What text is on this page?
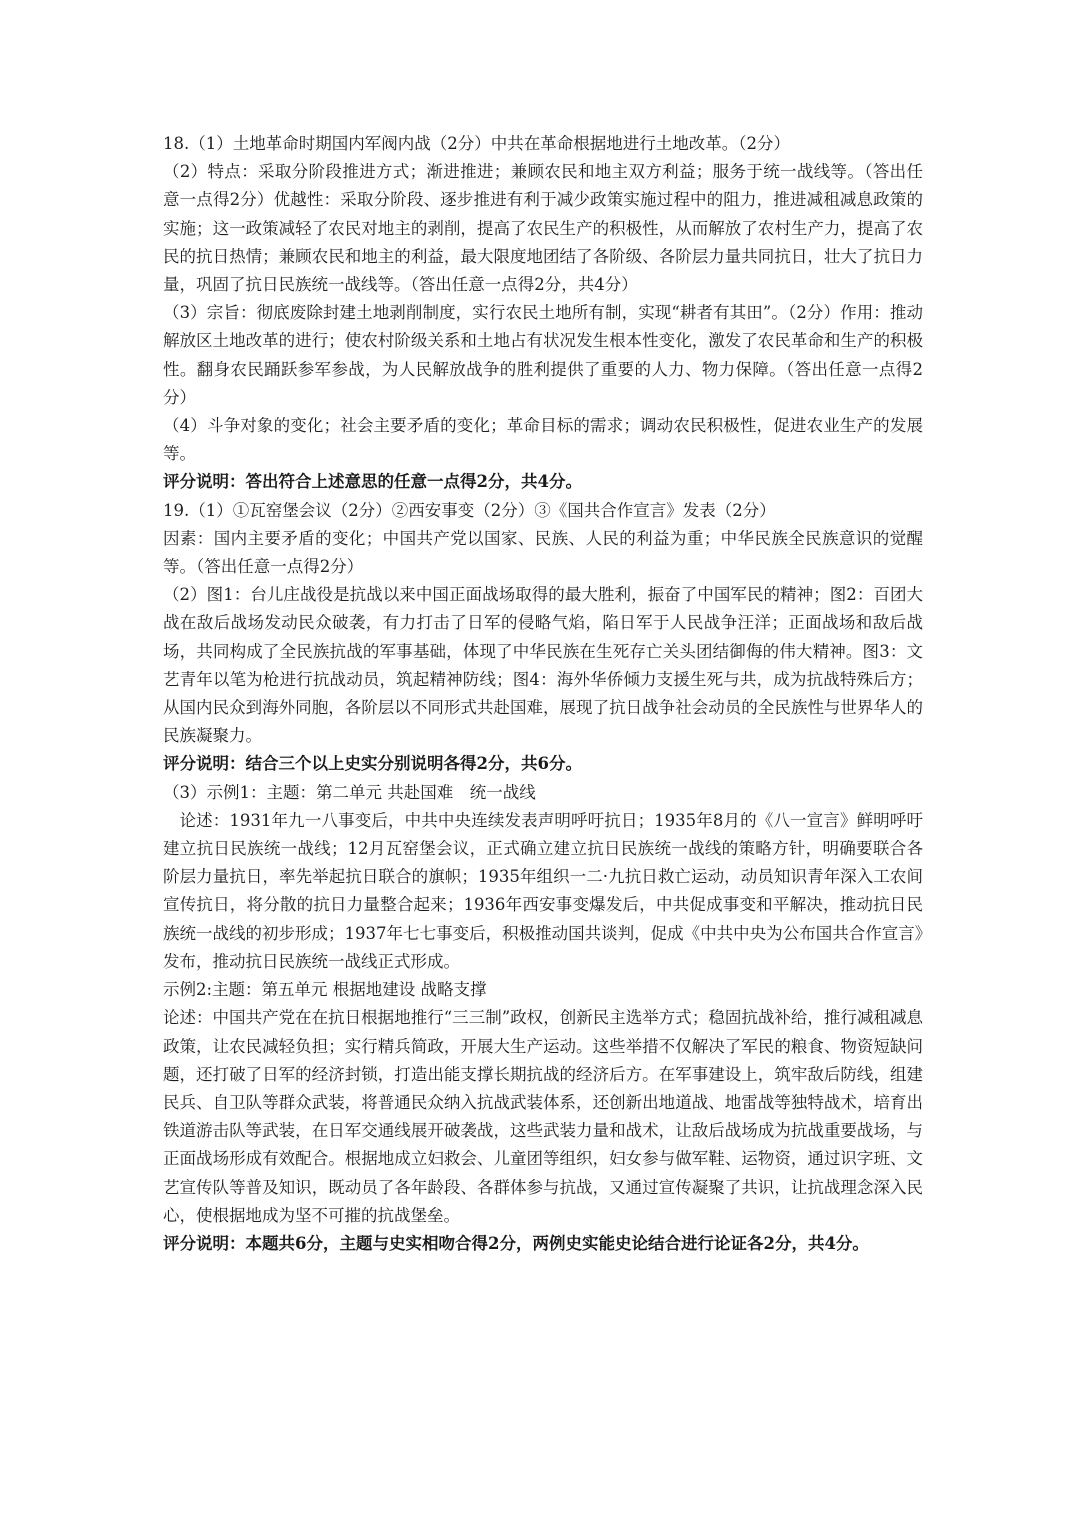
18.（1）土地革命时期国内军阀内战（2分）中共在革命根据地进行土地改革。（2分）

（2）特点：采取分阶段推进方式；渐进推进；兼顾农民和地主双方利益；服务于统一战线等。（答出任意一点得2分）优越性：采取分阶段、逐步推进有利于减少政策实施过程中的阻力，推进减租减息政策的实施；这一政策减轻了农民对地主的剥削，提高了农民生产的积极性，从而解放了农村生产力，提高了农民的抗日热情；兼顾农民和地主的利益，最大限度地团结了各阶级、各阶层力量共同抗日，壮大了抗日力量，巩固了抗日民族统一战线等。（答出任意一点得2分，共4分）

（3）宗旨：彻底废除封建土地剥削制度，实行农民土地所有制，实现“耕者有其田”。（2分）作用：推动解放区土地改革的进行；使农村阶级关系和土地占有状况发生根本性变化，激发了农民革命和生产的积极性。翻身农民踊跃参军参战，为人民解放战争的胜利提供了重要的人力、物力保障。（答出任意一点得2分）

（4）斗争对象的变化；社会主要矛盾的变化；革命目标的需求；调动农民积极性，促进农业生产的发展等。

评分说明：答出符合上述意思的任意一点得2分，共4分。

19.（1）①瓦窑堡会议（2分）②西安事变（2分）③《国共合作宣言》发表（2分）

因素：国内主要矛盾的变化；中国共产党以国家、民族、人民的利益为重；中华民族全民族意识的觉醒等。（答出任意一点得2分）

（2）图1：台儿庄战役是抗战以来中国正面战场取得的最大胜利，振奋了中国军民的精神；图2：百团大战在敌后战场发动民众破袭，有力打击了日军的侵略气焰，陷日军于人民战争汪洋；正面战场和敌后战场，共同构成了全民族抗战的军事基础，体现了中华民族在生死存亡关头团结御侮的伟大精神。图3：文艺青年以笔为枪进行抗战动员，筑起精神防线；图4：海外华侨倾力支援生死与共，成为抗战特殊后方；从国内民众到海外同胞，各阶层以不同形式共赴国难，展现了抗日战争社会动员的全民族性与世界华人的民族凝聚力。

评分说明：结合三个以上史实分别说明各得2分，共6分。

（3）示例1：主题：第二单元 共赴国难　统一战线

论述：1931年九一八事变后，中共中央连续发表声明呼吁抗日；1935年8月的《八一宣言》鲜明呼吁建立抗日民族统一战线；12月瓦窑堡会议，正式确立建立抗日民族统一战线的策略方针，明确要联合各阶层力量抗日，率先举起抗日联合的旗帜；1935年组织一二·九抗日救亡运动，动员知识青年深入工农间宣传抗日，将分散的抗日力量整合起来；1936年西安事变爆发后，中共促成事变和平解决，推动抗日民族统一战线的初步形成；1937年七七事变后，积极推动国共谈判，促成《中共中央为公布国共合作宣言》发布，推动抗日民族统一战线正式形成。

示例2:主题：第五单元 根据地建设 战略支撑

论述：中国共产党在在抗日根据地推行“三三制”政权，创新民主选举方式；稳固抗战补给，推行减租减息政策，让农民减轻负担；实行精兵简政，开展大生产运动。这些举措不仅解决了军民的粮食、物资短缺问题，还打破了日军的经济封锁，打造出能支撑长期抗战的经济后方。在军事建设上，筑牢敌后防线，组建民兵、自卫队等群众武装，将普通民众纳入抗战武装体系，还创新出地道战、地雷战等独特战术，培育出铁道游击队等武装，在日军交通线展开破袭战，这些武装力量和战术，让敌后战场成为抗战重要战场，与正面战场形成有效配合。根据地成立妇救会、儿童团等组织，妇女参与做军鞋、运物资，通过识字班、文艺宣传队等普及知识，既动员了各年龄段、各群体参与抗战，又通过宣传凝聚了共识，让抗战理念深入民心，使根据地成为坚不可摧的抗战堡垒。

评分说明：本题共6分，主题与史实相吻合得2分，两例史实能史论结合进行论证各2分，共4分。
